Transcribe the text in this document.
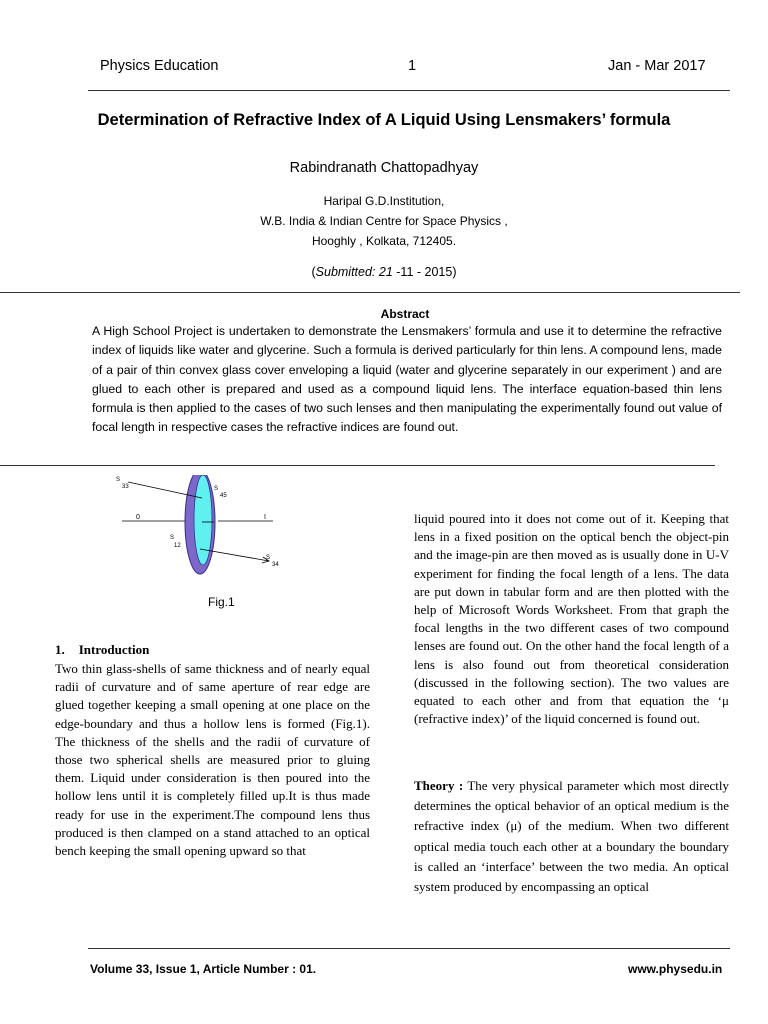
Physics Education	1	Jan - Mar 2017
Determination of Refractive Index of A Liquid Using Lensmakers’ formula
Rabindranath Chattopadhyay
Haripal G.D.Institution,
W.B. India & Indian Centre for Space Physics ,
Hooghly , Kolkata, 712405.
(Submitted: 21 -11 - 2015)
Abstract
A High School Project is undertaken to demonstrate the Lensmakers’ formula and use it to determine the refractive index of liquids like water and glycerine. Such a formula is derived particularly for thin lens. A compound lens, made of a pair of thin convex glass cover enveloping a liquid (water and glycerine separately in our experiment ) and are glued to each other is prepared and used as a compound liquid lens. The interface equation-based thin lens formula is then applied to the cases of two such lenses and then manipulating the experimentally found out value of focal length in respective cases the refractive indices are found out.
S33	S45
0	I
S12
S34
Fig.1
1. Introduction
Two thin glass-shells of same thickness and of nearly equal radii of curvature and of same aperture of rear edge are glued together keeping a small opening at one place on the edge-boundary and thus a hollow lens is formed (Fig.1). The thickness of the shells and the radii of curvature of those two spherical shells are measured prior to gluing them. Liquid under consideration is then poured into the hollow lens until it is completely filled up.It is thus made ready for use in the experiment.The compound lens thus produced is then clamped on a stand attached to an optical bench keeping the small opening upward so that
liquid poured into it does not come out of it. Keeping that lens in a fixed position on the optical bench the object-pin and the image-pin are then moved as is usually done in U-V experiment for finding the focal length of a lens. The data are put down in tabular form and are then plotted with the help of Microsoft Words Worksheet. From that graph the focal lengths in the two different cases of two compound lenses are found out. On the other hand the focal length of a lens is also found out from theoretical consideration (discussed in the following section). The two values are equated to each other and from that equation the ‘μ (refractive index)’ of the liquid concerned is found out.
Theory : The very physical parameter which most directly determines the optical behavior of an optical medium is the refractive index (μ) of the medium. When two different optical media touch each other at a boundary the boundary is called an ‘interface’ between the two media. An optical system produced by encompassing an optical
Volume 33, Issue 1, Article Number : 01.	www.physedu.in
